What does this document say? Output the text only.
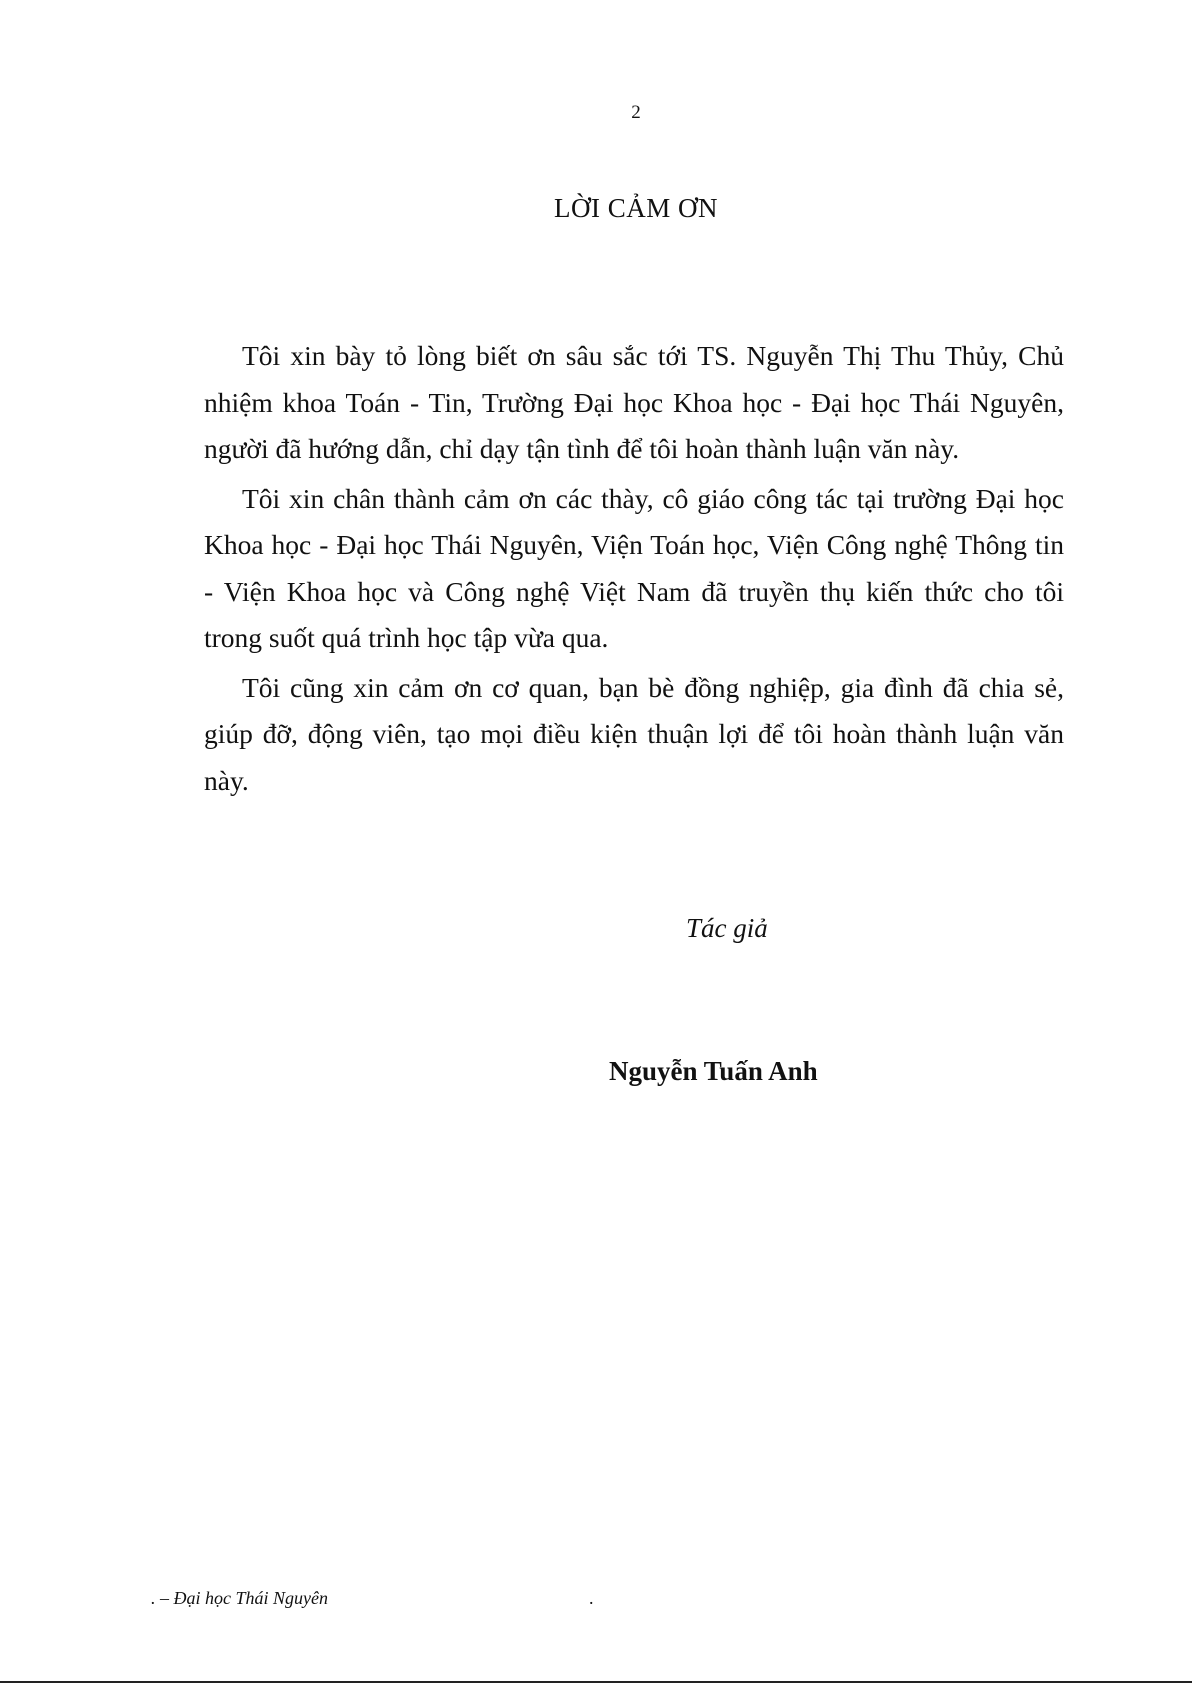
2
LỜI CẢM ƠN

Tôi xin bày tỏ lòng biết ơn sâu sắc tới TS. Nguyễn Thị Thu Thủy, Chủ nhiệm khoa Toán - Tin, Trường Đại học Khoa học - Đại học Thái Nguyên, người đã hướng dẫn, chỉ dạy tận tình để tôi hoàn thành luận văn này.

Tôi xin chân thành cảm ơn các thày, cô giáo công tác tại trường Đại học Khoa học - Đại học Thái Nguyên, Viện Toán học, Viện Công nghệ Thông tin - Viện Khoa học và Công nghệ Việt Nam đã truyền thụ kiến thức cho tôi trong suốt quá trình học tập vừa qua.

Tôi cũng xin cảm ơn cơ quan, bạn bè đồng nghiệp, gia đình đã chia sẻ, giúp đỡ, động viên, tạo mọi điều kiện thuận lợi để tôi hoàn thành luận văn này.

Tác giả
Nguyễn Tuấn Anh
. – Đại học Thái Nguyên	.
